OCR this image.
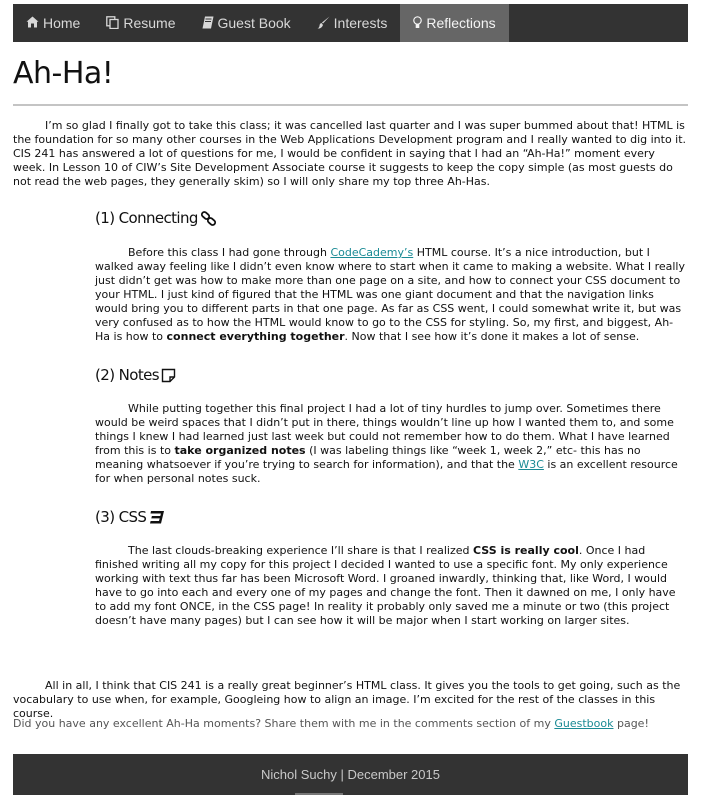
Home	Resume	Guest Book	Interests	Reflections
Ah-Ha!

I’m so glad I finally got to take this class; it was cancelled last quarter and I was super bummed about that! HTML is the foundation for so many other courses in the Web Applications Development program and I really wanted to dig into it. CIS 241 has answered a lot of questions for me, I would be confident in saying that I had an “Ah-Ha!” moment every week. In Lesson 10 of CIW’s Site Development Associate course it suggests to keep the copy simple (as most guests do not read the web pages, they generally skim) so I will only share my top three Ah-Has.

(1) Connecting

Before this class I had gone through CodeCademy’s HTML course. It’s a nice introduction, but I walked away feeling like I didn’t even know where to start when it came to making a website. What I really just didn’t get was how to make more than one page on a site, and how to connect your CSS document to your HTML. I just kind of figured that the HTML was one giant document and that the navigation links would bring you to different parts in that one page. As far as CSS went, I could somewhat write it, but was very confused as to how the HTML would know to go to the CSS for styling. So, my first, and biggest, Ah-Ha is how to connect everything together. Now that I see how it’s done it makes a lot of sense.

(2) Notes

While putting together this final project I had a lot of tiny hurdles to jump over. Sometimes there would be weird spaces that I didn’t put in there, things wouldn’t line up how I wanted them to, and some things I knew I had learned just last week but could not remember how to do them. What I have learned from this is to take organized notes (I was labeling things like “week 1, week 2,” etc- this has no meaning whatsoever if you’re trying to search for information), and that the W3C is an excellent resource for when personal notes suck.

(3) CSS

The last clouds-breaking experience I’ll share is that I realized CSS is really cool. Once I had finished writing all my copy for this project I decided I wanted to use a specific font. My only experience working with text thus far has been Microsoft Word. I groaned inwardly, thinking that, like Word, I would have to go into each and every one of my pages and change the font. Then it dawned on me, I only have to add my font ONCE, in the CSS page! In reality it probably only saved me a minute or two (this project doesn’t have many pages) but I can see how it will be major when I start working on larger sites.

All in all, I think that CIS 241 is a really great beginner’s HTML class. It gives you the tools to get going, such as the vocabulary to use when, for example, Googleing how to align an image. I’m excited for the rest of the classes in this course.

Did you have any excellent Ah-Ha moments? Share them with me in the comments section of my Guestbook page!

Nichol Suchy | December 2015
